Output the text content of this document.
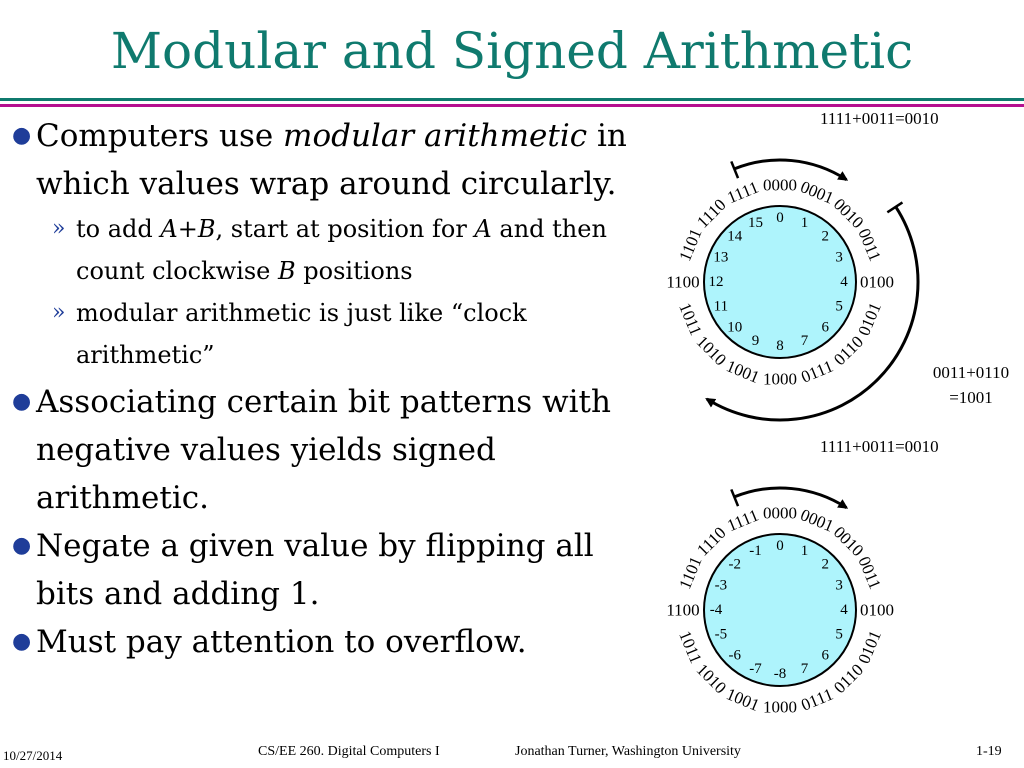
Modular and Signed Arithmetic
● Computers use modular arithmetic in which values wrap around circularly.
» to add A+B, start at position for A and then count clockwise B positions
» modular arithmetic is just like “clock arithmetic”
● Associating certain bit patterns with negative values yields signed arithmetic.
● Negate a given value by flipping all bits and adding 1.
● Must pay attention to overflow.
0000
0
0001
1 0010
2 0011
3
0100
4
0101
5
0110
6
0111
7
1000
8
1001
9
1010
10
1011 11
1100 12
1101 13
1110
14
1111
15
1111+0011=0010
0011+0110
=1001
0000
0
0001
1 0010
2 0011
3
0100
4
0101
5
0110
6
0111
7
1000
-8
1001
-7
1010
-6
1011 -5
1100 -4
1101 -3
1110
-2
1111
-1
1111+0011=0010
10/27/2014	CS/EE 260. Digital Computers I	Jonathan Turner, Washington University	1-19
